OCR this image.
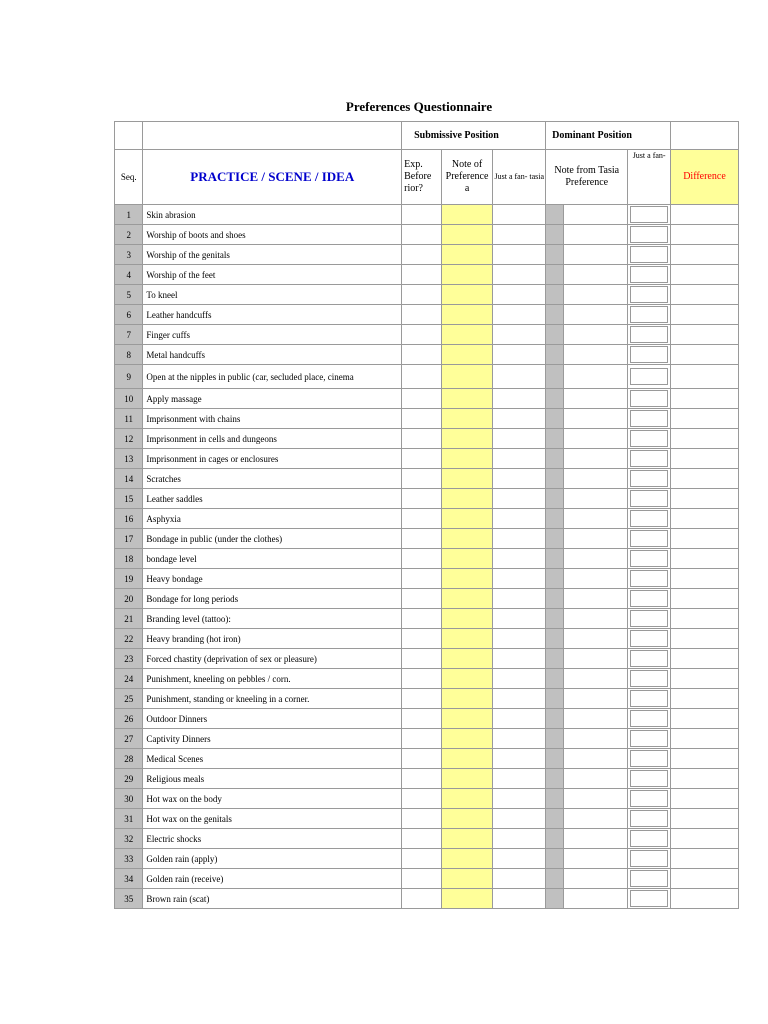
Preferences Questionnaire
		Submissive Position			Dominant Position			
Seq.	PRACTICE / SCENE / IDEA	Exp. Before rior?	Note of Preference a	Just a fan- tasia	Note from Tasia Preference		Just a fan-	Difference
1	Skin abrasion						

2	Worship of boots and shoes						

3	Worship of the genitals						

4	Worship of the feet						

5	To kneel						

6	Leather handcuffs						

7	Finger cuffs						

8	Metal handcuffs						

9	Open at the nipples in public (car, secluded place, cinema						

10	Apply massage						

11	Imprisonment with chains						

12	Imprisonment in cells and dungeons						

13	Imprisonment in cages or enclosures						

14	Scratches						

15	Leather saddles						

16	Asphyxia						

17	Bondage in public (under the clothes)						

18	bondage level						

19	Heavy bondage						

20	Bondage for long periods						

21	Branding level (tattoo):						

22	Heavy branding (hot iron)						

23	Forced chastity (deprivation of sex or pleasure)						

24	Punishment, kneeling on pebbles / corn.						

25	Punishment, standing or kneeling in a corner.						

26	Outdoor Dinners						

27	Captivity Dinners						

28	Medical Scenes						

29	Religious meals						

30	Hot wax on the body						

31	Hot wax on the genitals						

32	Electric shocks						

33	Golden rain (apply)						

34	Golden rain (receive)						

35	Brown rain (scat)						
